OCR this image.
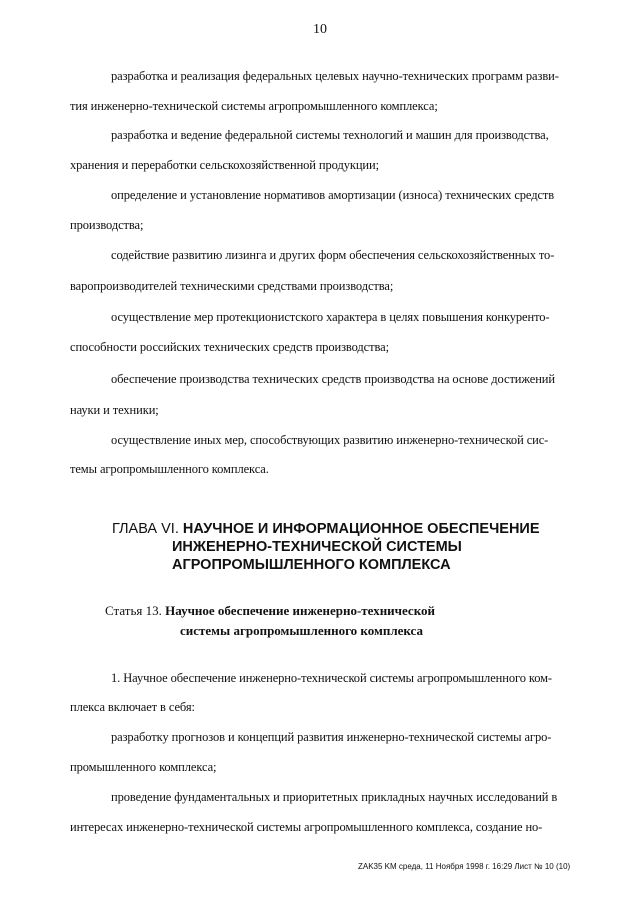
10
разработка и реализация федеральных целевых научно-технических программ разви-
тия инженерно-технической системы агропромышленного комплекса;
разработка и ведение федеральной системы технологий и машин для производства,
хранения и переработки сельскохозяйственной продукции;
определение и установление нормативов амортизации (износа) технических средств
производства;
содействие развитию лизинга и других форм обеспечения сельскохозяйственных то-
варопроизводителей техническими средствами производства;
осуществление мер протекционистского характера в целях повышения конкуренто-
способности российских технических средств производства;
обеспечение производства технических средств производства на основе достижений
науки и техники;
осуществление иных мер, способствующих развитию инженерно-технической сис-
темы агропромышленного комплекса.
ГЛАВА VI. НАУЧНОЕ И ИНФОРМАЦИОННОЕ ОБЕСПЕЧЕНИЕ
ИНЖЕНЕРНО-ТЕХНИЧЕСКОЙ СИСТЕМЫ
АГРОПРОМЫШЛЕННОГО КОМПЛЕКСА
Статья 13. Научное обеспечение инженерно-технической
системы агропромышленного комплекса
1. Научное обеспечение инженерно-технической системы агропромышленного ком-
плекса включает в себя:
разработку прогнозов и концепций развития инженерно-технической системы агро-
промышленного комплекса;
проведение фундаментальных и приоритетных прикладных научных исследований в
интересах инженерно-технической системы агропромышленного комплекса, создание но-
ZAK35 KM среда, 11 Ноября 1998 г. 16:29 Лист № 10 (10)
